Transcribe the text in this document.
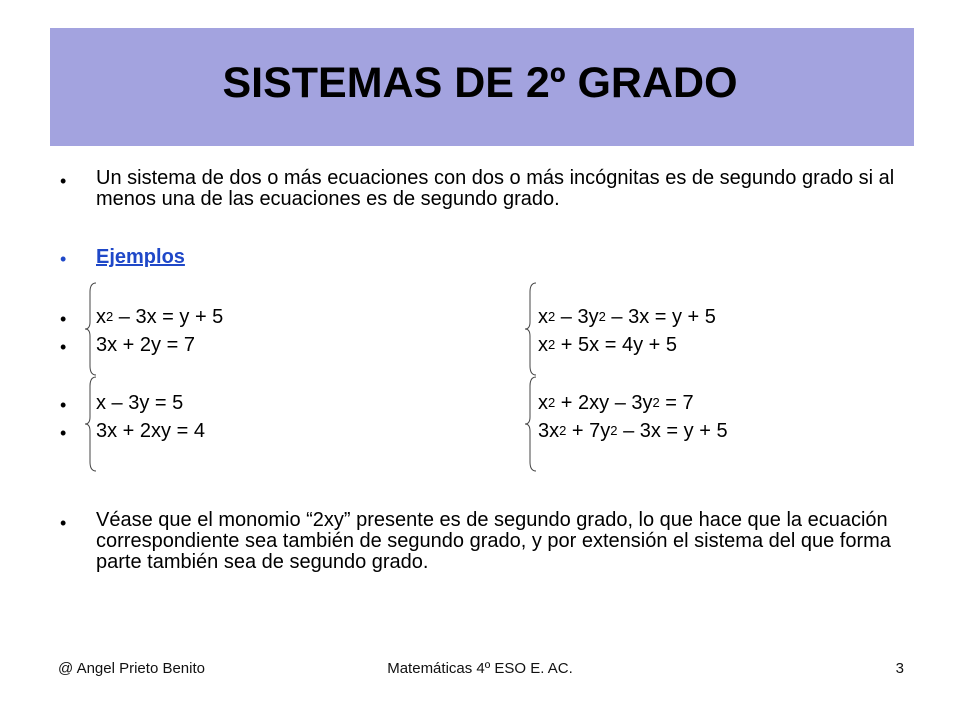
SISTEMAS DE 2º GRADO
• Un sistema de dos o más ecuaciones con dos o más incógnitas es de segundo grado si al menos una de las ecuaciones es de segundo grado.
• Ejemplos
•
•
$x^2 - 3x = y + 5$
3x + 2y = 7
$x^2 - 3y^2 - 3x = y + 5$
$x^2 + 5x = 4y + 5$
•
•
x – 3y = 5
3x + 2xy = 4
$x^2 + 2xy - 3y^2 = 7$
$3x^2 + 7y^2 - 3x = y + 5$
• Véase que el monomio “2xy” presente es de segundo grado, lo que hace que la ecuación correspondiente sea también de segundo grado, y por extensión el sistema del que forma parte también sea de segundo grado.
@ Angel Prieto Benito	Matemáticas 4º ESO E. AC.	3
